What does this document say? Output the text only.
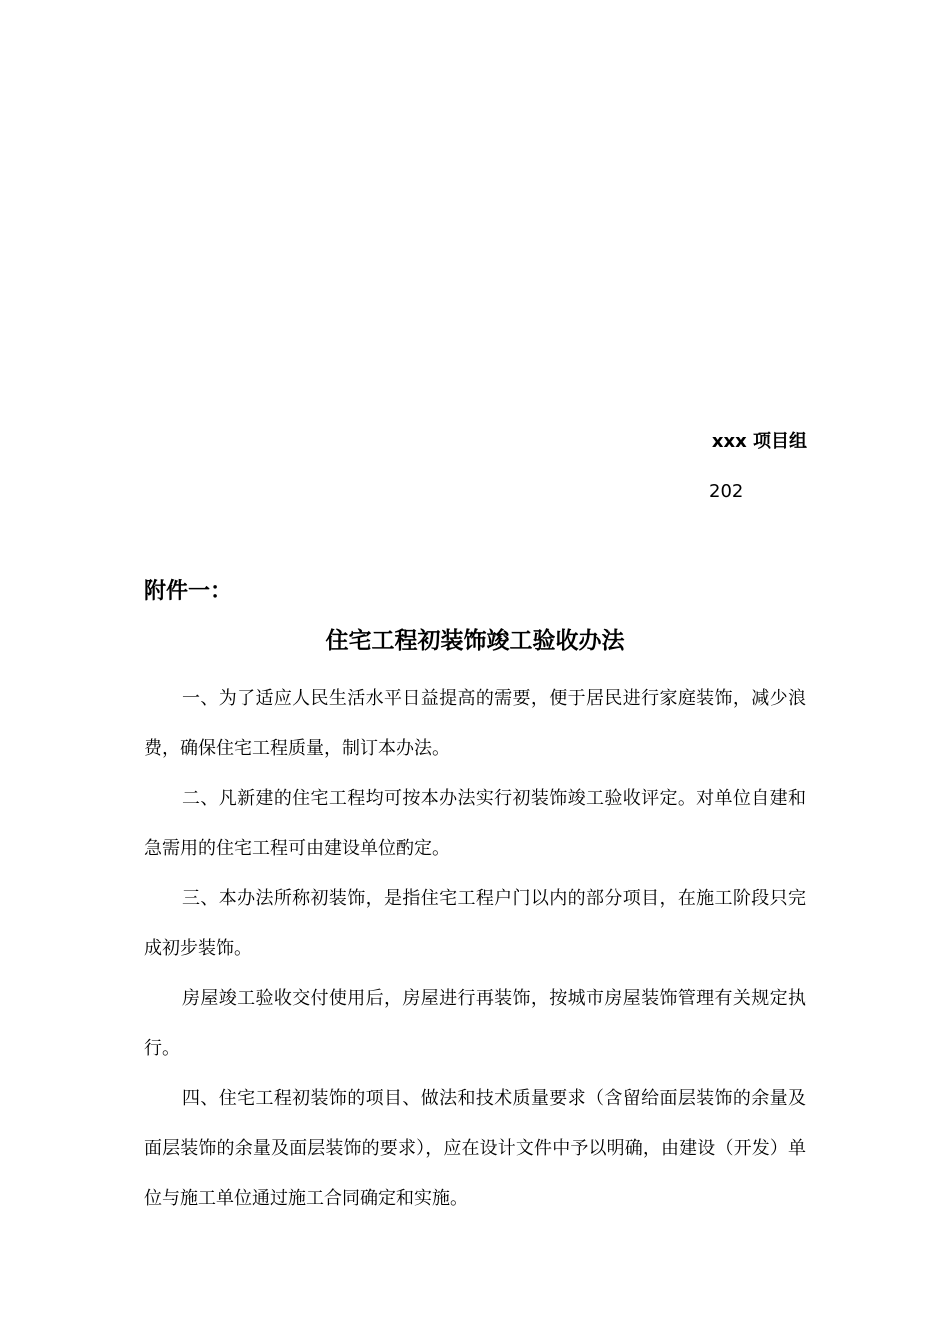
xxx 项目组
202
附件一：
住宅工程初装饰竣工验收办法

一、为了适应人民生活水平日益提高的需要，便于居民进行家庭装饰，减少浪费，确保住宅工程质量，制订本办法。

二、凡新建的住宅工程均可按本办法实行初装饰竣工验收评定。对单位自建和急需用的住宅工程可由建设单位酌定。

三、本办法所称初装饰，是指住宅工程户门以内的部分项目，在施工阶段只完成初步装饰。

房屋竣工验收交付使用后，房屋进行再装饰，按城市房屋装饰管理有关规定执行。

四、住宅工程初装饰的项目、做法和技术质量要求（含留给面层装饰的余量及面层装饰的余量及面层装饰的要求），应在设计文件中予以明确，由建设（开发）单位与施工单位通过施工合同确定和实施。
